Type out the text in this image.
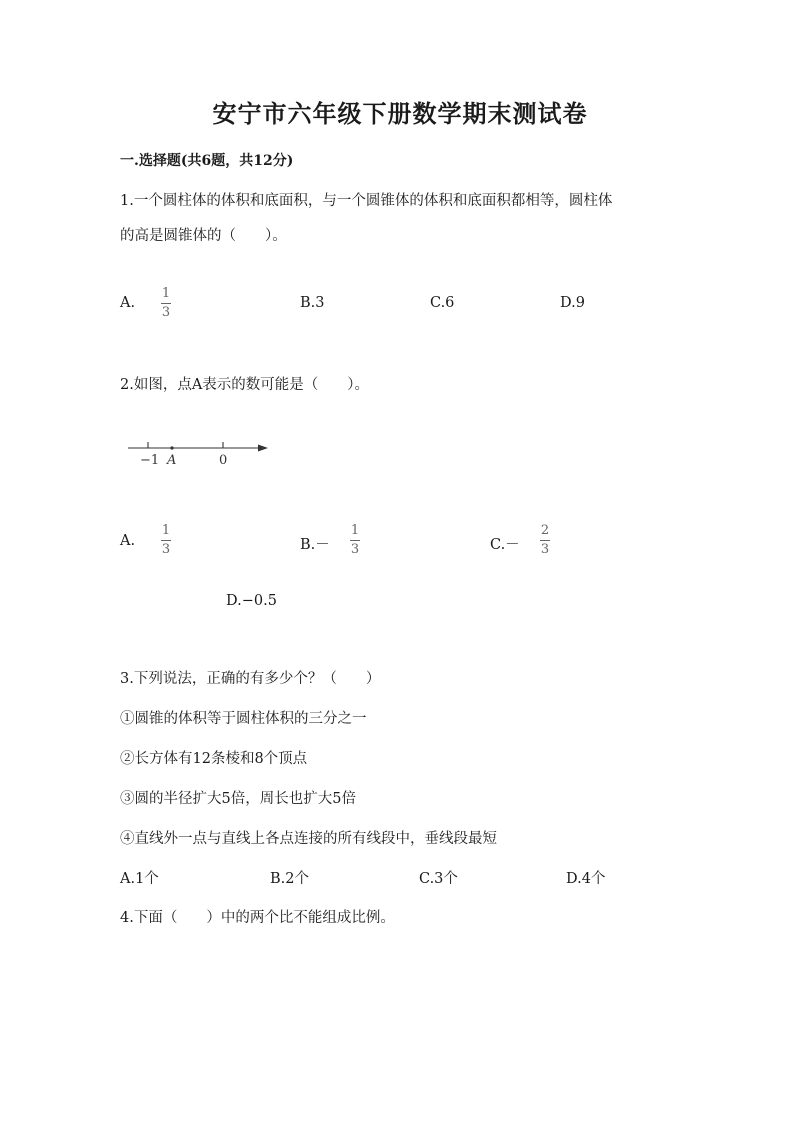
安宁市六年级下册数学期末测试卷
一.选择题(共6题，共12分)
1.一个圆柱体的体积和底面积，与一个圆锥体的体积和底面积都相等，圆柱体
的高是圆锥体的（　　）。
A.
1
3
B.3	C.6	D.9
2.如图，点A表示的数可能是（　　）。
−1 A	0
A.
1
3	B.－
1
3	C.－
2
3
D.−0.5
3.下列说法，正确的有多少个？（　　）
①圆锥的体积等于圆柱体积的三分之一
②长方体有12条棱和8个顶点
③圆的半径扩大5倍，周长也扩大5倍
④直线外一点与直线上各点连接的所有线段中，垂线段最短
A.1个	B.2个	C.3个	D.4个
4.下面（　　）中的两个比不能组成比例。
